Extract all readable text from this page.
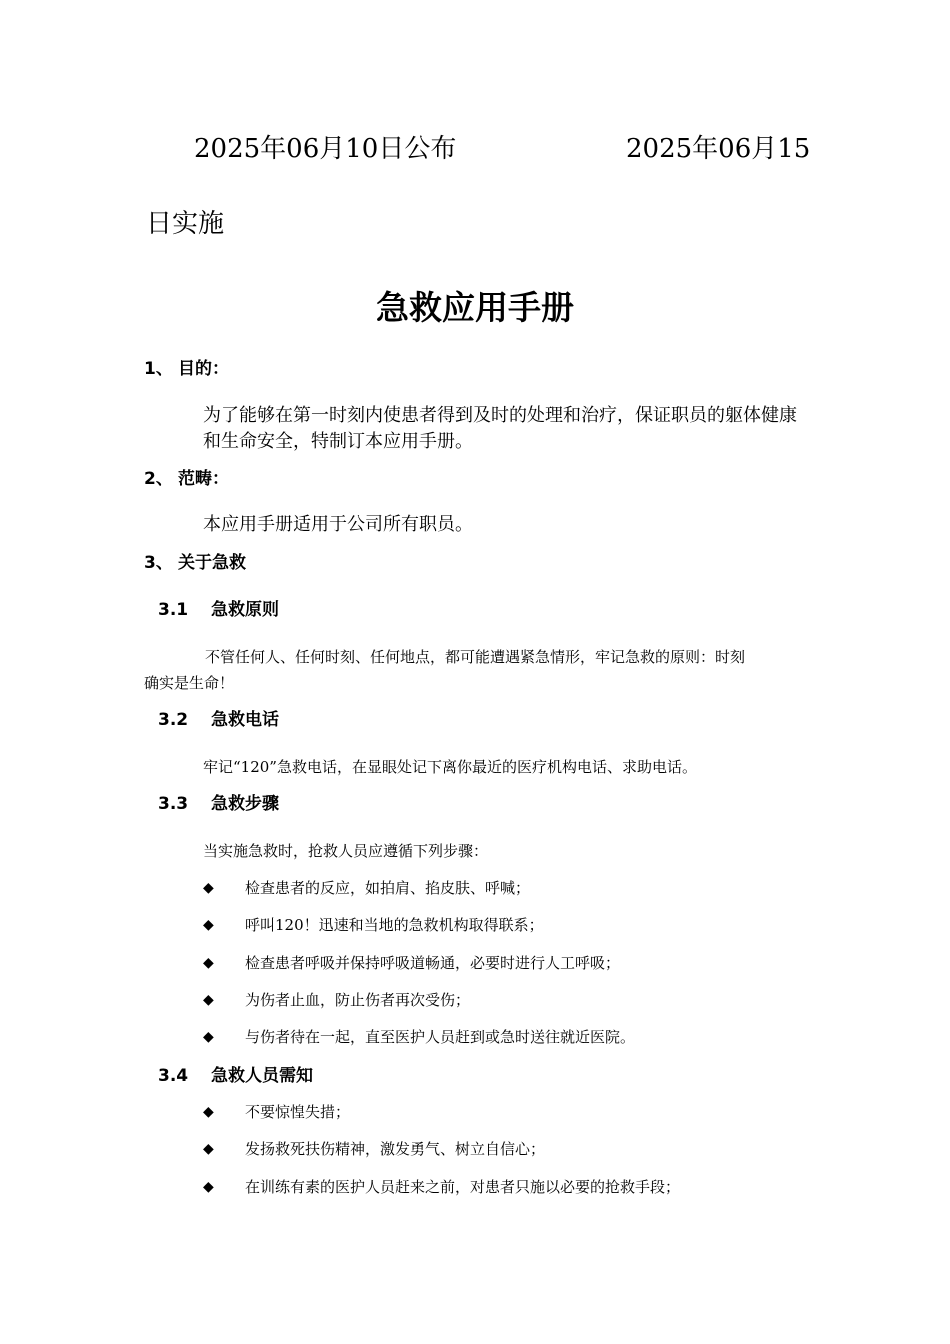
2025年06月10日公布	2025年06月15
日实施
急救应用手册
1、 目的：
为了能够在第一时刻内使患者得到及时的处理和治疗，保证职员的躯体健康和生命安全，特制订本应用手册。
2、 范畴：
本应用手册适用于公司所有职员。
3、 关于急救
3.1 急救原则
不管任何人、任何时刻、任何地点，都可能遭遇紧急情形，牢记急救的原则：时刻
确实是生命！
3.2 急救电话
牢记“120”急救电话，在显眼处记下离你最近的医疗机构电话、求助电话。
3.3 急救步骤
当实施急救时，抢救人员应遵循下列步骤：
◆ 检查患者的反应，如拍肩、掐皮肤、呼喊；
◆ 呼叫120！迅速和当地的急救机构取得联系；
◆ 检查患者呼吸并保持呼吸道畅通，必要时进行人工呼吸；
◆ 为伤者止血，防止伤者再次受伤；
◆ 与伤者待在一起，直至医护人员赶到或急时送往就近医院。
3.4 急救人员需知
◆ 不要惊惶失措；
◆ 发扬救死扶伤精神，激发勇气、树立自信心；
◆ 在训练有素的医护人员赶来之前，对患者只施以必要的抢救手段；
